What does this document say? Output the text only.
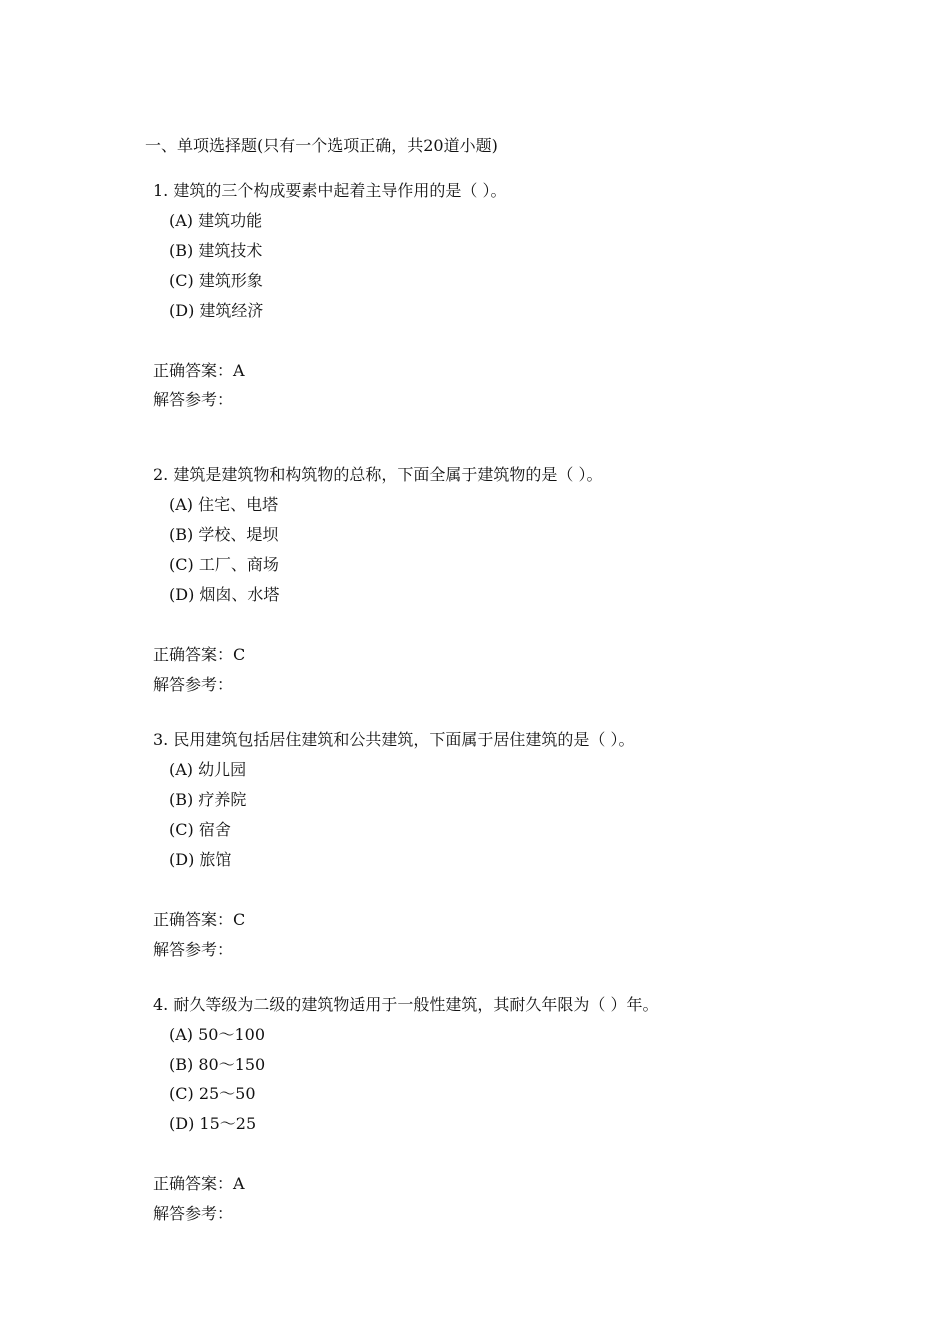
一、单项选择题(只有一个选项正确，共20道小题)
1. 建筑的三个构成要素中起着主导作用的是（ ）。
(A) 建筑功能
(B) 建筑技术
(C) 建筑形象
(D) 建筑经济
正确答案：A
解答参考：
2. 建筑是建筑物和构筑物的总称，下面全属于建筑物的是（ ）。
(A) 住宅、电塔
(B) 学校、堤坝
(C) 工厂、商场
(D) 烟囱、水塔
正确答案：C
解答参考：
3. 民用建筑包括居住建筑和公共建筑，下面属于居住建筑的是（ ）。
(A) 幼儿园
(B) 疗养院
(C) 宿舍
(D) 旅馆
正确答案：C
解答参考：
4. 耐久等级为二级的建筑物适用于一般性建筑，其耐久年限为（ ）年。
(A) 50～100
(B) 80～150
(C) 25～50
(D) 15～25
正确答案：A
解答参考：
